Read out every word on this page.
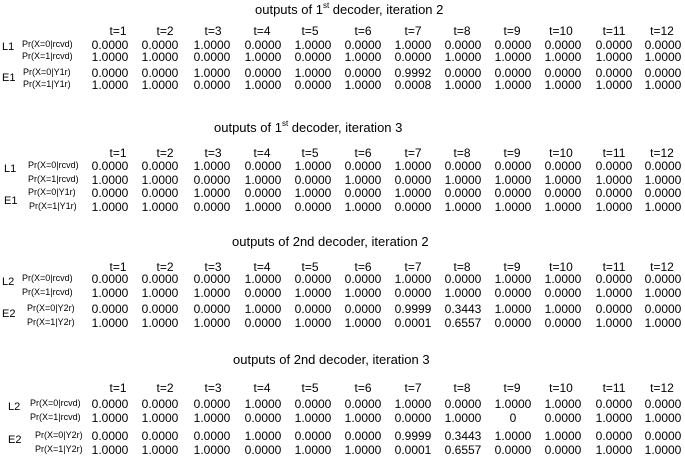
outputs of 1st decoder, iteration 2
t=1	t=2	t=3	t=4	t=5	t=6	t=7	t=8	t=9	t=10	t=11	t=12
L1 Pr(X=0|rcvd)	0.0000	0.0000	1.0000	0.0000	1.0000	0.0000	1.0000	0.0000	0.0000	0.0000	0.0000	0.0000
Pr(X=1|rcvd)	1.0000	1.0000	0.0000	1.0000	0.0000	1.0000	0.0000	1.0000	1.0000	1.0000	1.0000	1.0000
E1 Pr(X=0|Y1r)	0.0000	0.0000	1.0000	0.0000	1.0000	0.0000	0.9992	0.0000	0.0000	0.0000	0.0000	0.0000
Pr(X=1|Y1r)	1.0000	1.0000	0.0000	1.0000	0.0000	1.0000	0.0008	1.0000	1.0000	1.0000	1.0000	1.0000
outputs of 1st decoder, iteration 3
t=1	t=2	t=3	t=4	t=5	t=6	t=7	t=8	t=9	t=10	t=11	t=12
L1 Pr(X=0|rcvd)	0.0000	0.0000	1.0000	0.0000	1.0000	0.0000	1.0000	0.0000	0.0000	0.0000	0.0000	0.0000
Pr(X=1|rcvd)	1.0000	1.0000	0.0000	1.0000	0.0000	1.0000	0.0000	1.0000	1.0000	1.0000	1.0000	1.0000
E1
Pr(X=0|Y1r)	0.0000	0.0000	1.0000	0.0000	1.0000	0.0000	1.0000	0.0000	0.0000	0.0000	0.0000	0.0000
Pr(X=1|Y1r)	1.0000	1.0000	0.0000	1.0000	0.0000	1.0000	0.0000	1.0000	1.0000	1.0000	1.0000	1.0000
outputs of 2nd decoder, iteration 2
t=1	t=2	t=3	t=4	t=5	t=6	t=7	t=8	t=9	t=10	t=11	t=12
L2 Pr(X=0|rcvd)	0.0000	0.0000	0.0000	1.0000	0.0000	0.0000	1.0000	0.0000	1.0000	1.0000	0.0000	0.0000
Pr(X=1|rcvd)	1.0000	1.0000	1.0000	0.0000	1.0000	1.0000	0.0000	1.0000	0.0000	0.0000	1.0000	1.0000
E2 Pr(X=0|Y2r)	0.0000	0.0000	0.0000	1.0000	0.0000	0.0000	0.9999	0.3443	1.0000	1.0000	0.0000	0.0000
Pr(X=1|Y2r)	1.0000	1.0000	1.0000	0.0000	1.0000	1.0000	0.0001	0.6557	0.0000	0.0000	1.0000	1.0000
outputs of 2nd decoder, iteration 3
t=1	t=2	t=3	t=4	t=5	t=6	t=7	t=8	t=9	t=10	t=11	t=12
L2 Pr(X=0|rcvd) 0.0000	0.0000	0.0000	1.0000	0.0000	0.0000	1.0000	0.0000	1.0000	1.0000	0.0000	0.0000
Pr(X=1|rcvd) 1.0000	1.0000	1.0000	0.0000	1.0000	1.0000	0.0000	1.0000	0	0.0000	1.0000	1.0000
E2 Pr(X=0|Y2r) 0.0000	0.0000	0.0000	1.0000	0.0000	0.0000	0.9999	0.3443	1.0000	1.0000	0.0000	0.0000
Pr(X=1|Y2r) 1.0000	1.0000	1.0000	0.0000	1.0000	1.0000	0.0001	0.6557	0.0000	0.0000	1.0000	1.0000
